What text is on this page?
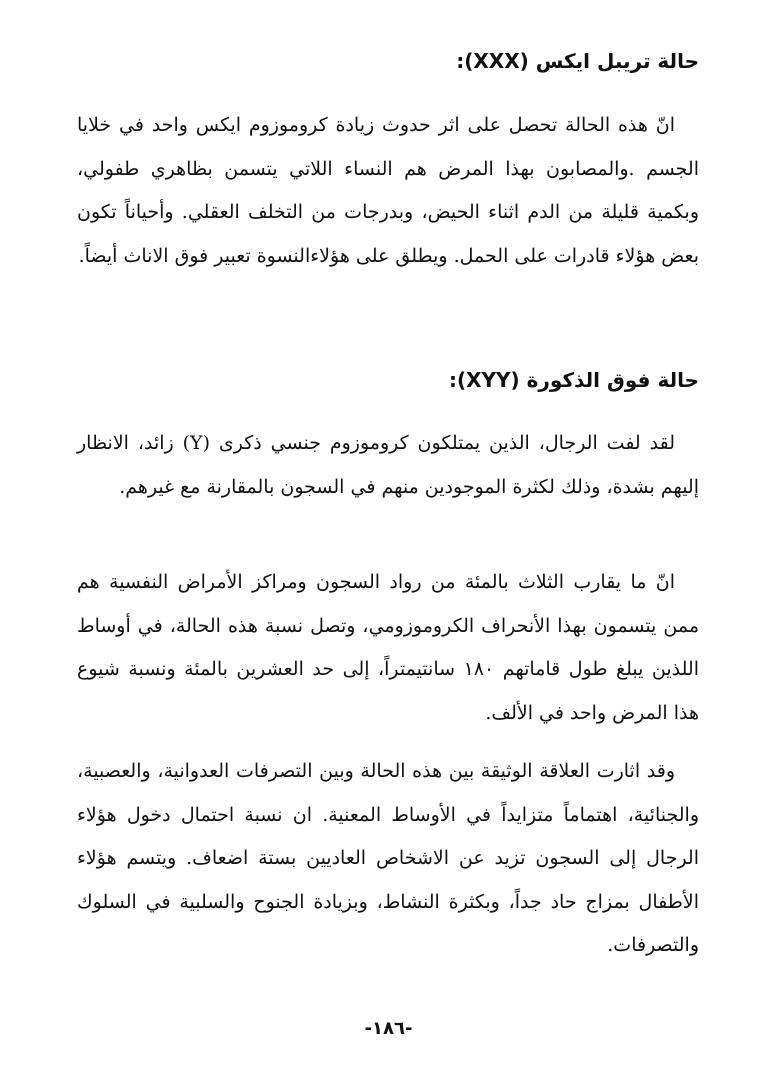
حالة تريبل ايكس (XXX):

انّ هذه الحالة تحصل على اثر حدوث زيادة كروموزوم ايكس واحد في خلايا الجسم .والمصابون بهذا المرض هم النساء اللاتي يتسمن بظاهري طفولي، وبكمية قليلة من الدم اثناء الحيض، وبدرجات من التخلف العقلي. وأحياناً تكون بعض هؤلاء قادرات على الحمل. ويطلق على هؤلاءالنسوة تعبير فوق الاناث أيضاً.

حالة فوق الذكورة (XYY):

لقد لفت الرجال، الذين يمتلكون كروموزوم جنسي ذكرى (Y) زائد، الانظار إليهم بشدة، وذلك لكثرة الموجودين منهم في السجون بالمقارنة مع غيرهم.

انّ ما يقارب الثلاث بالمئة من رواد السجون ومراكز الأمراض النفسية هم ممن يتسمون بهذا الأنحراف الكروموزومي، وتصل نسبة هذه الحالة، في أوساط اللذين يبلغ طول قاماتهم ١٨٠ سانتيمتراً، إلى حد العشرين بالمئة ونسبة شيوع هذا المرض واحد في الألف.

وقد اثارت العلاقة الوثيقة بين هذه الحالة وبين التصرفات العدوانية، والعصبية، والجنائية، اهتماماً متزايداً في الأوساط المعنية. ان نسبة احتمال دخول هؤلاء الرجال إلى السجون تزيد عن الاشخاص العاديين بستة اضعاف. ويتسم هؤلاء الأطفال بمزاج حاد جداً، وبكثرة النشاط، وبزيادة الجنوح والسلبية في السلوك والتصرفات.

-١٨٦-
